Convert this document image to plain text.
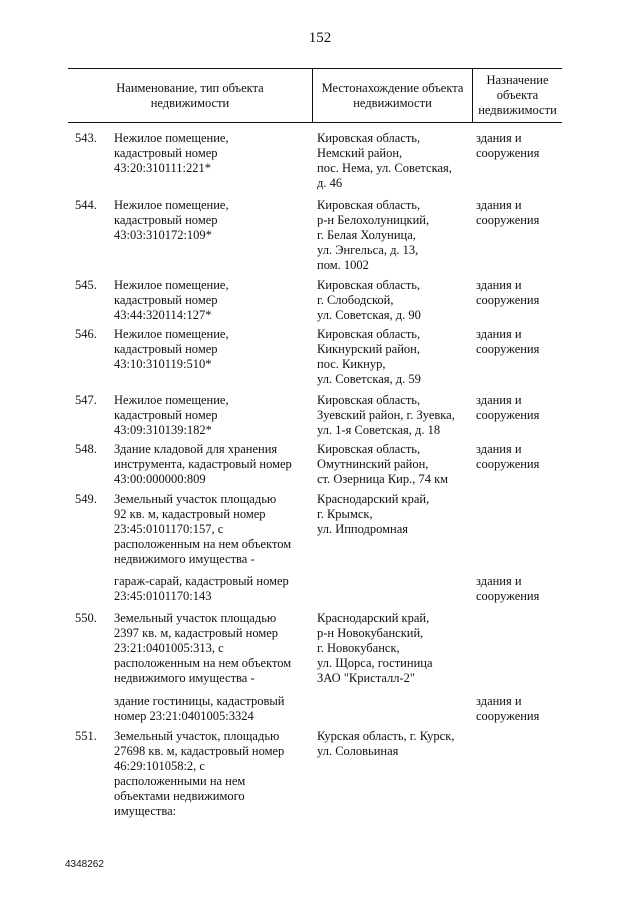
152
Наименование, тип объекта
недвижимости
Местонахождение объекта
недвижимости
Назначение
объекта
недвижимости
543. Нежилое помещение,
кадастровый номер
43:20:310111:221*
Кировская область,
Немский район,
пос. Нема, ул. Советская,
д. 46
здания и
сооружения
544. Нежилое помещение,
кадастровый номер
43:03:310172:109*
Кировская область,
р-н Белохолуницкий,
г. Белая Холуница,
ул. Энгельса, д. 13,
пом. 1002
здания и
сооружения
545. Нежилое помещение,
кадастровый номер
43:44:320114:127*
Кировская область,
г. Слободской,
ул. Советская, д. 90
здания и
сооружения
546. Нежилое помещение,
кадастровый номер
43:10:310119:510*
Кировская область,
Кикнурский район,
пос. Кикнур,
ул. Советская, д. 59
здания и
сооружения
547. Нежилое помещение,
кадастровый номер
43:09:310139:182*
Кировская область,
Зуевский район, г. Зуевка,
ул. 1-я Советская, д. 18
здания и
сооружения
548. Здание кладовой для хранения
инструмента, кадастровый номер
43:00:000000:809
Кировская область,
Омутнинский район,
ст. Озерница Кир., 74 км
здания и
сооружения
549. Земельный участок площадью
92 кв. м, кадастровый номер
23:45:0101170:157, с
расположенным на нем объектом
недвижимого имущества -
Краснодарский край,
г. Крымск,
ул. Ипподромная
гараж-сарай, кадастровый номер
23:45:0101170:143
здания и
сооружения
550. Земельный участок площадью
2397 кв. м, кадастровый номер
23:21:0401005:313, с
расположенным на нем объектом
недвижимого имущества -
Краснодарский край,
р-н Новокубанский,
г. Новокубанск,
ул. Щорса, гостиница
ЗАО "Кристалл-2"
здание гостиницы, кадастровый
номер 23:21:0401005:3324
здания и
сооружения
551. Земельный участок, площадью
27698 кв. м, кадастровый номер
46:29:101058:2, с
расположенными на нем
объектами недвижимого
имущества:
Курская область, г. Курск,
ул. Соловьиная
4348262
